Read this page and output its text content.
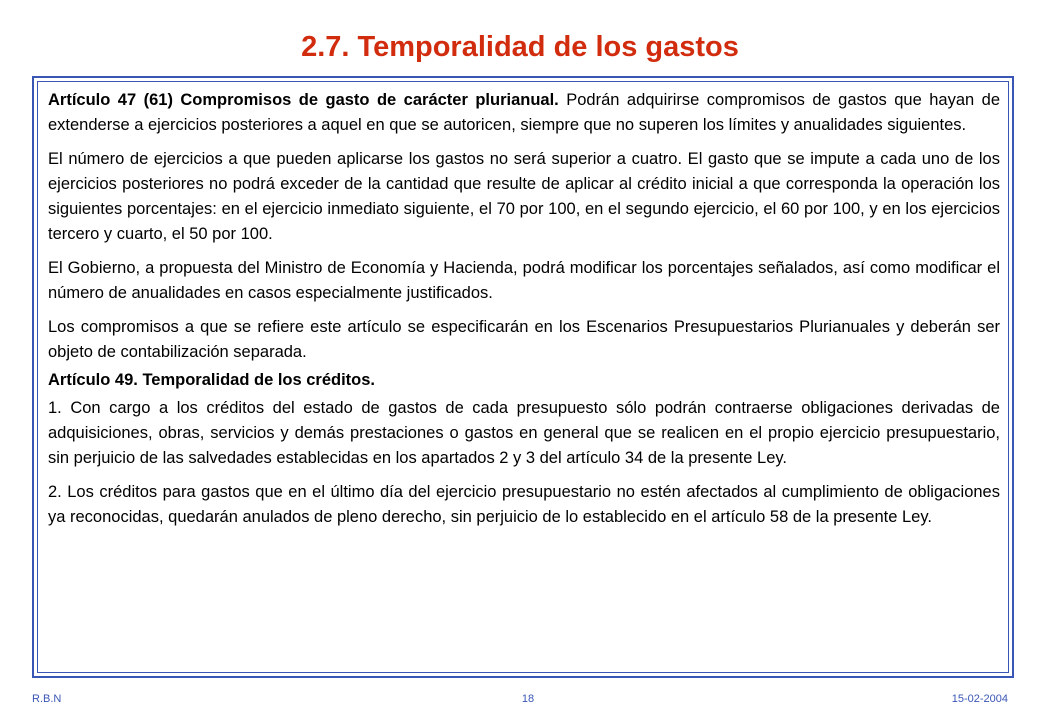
2.7. Temporalidad de los gastos

Artículo 47 (61) Compromisos de gasto de carácter plurianual. Podrán adquirirse compromisos de gastos que hayan de extenderse a ejercicios posteriores a aquel en que se autoricen, siempre que no superen los límites y anualidades siguientes.

El número de ejercicios a que pueden aplicarse los gastos no será superior a cuatro. El gasto que se impute a cada uno de los ejercicios posteriores no podrá exceder de la cantidad que resulte de aplicar al crédito inicial a que corresponda la operación los siguientes porcentajes: en el ejercicio inmediato siguiente, el 70 por 100, en el segundo ejercicio, el 60 por 100, y en los ejercicios tercero y cuarto, el 50 por 100.

El Gobierno, a propuesta del Ministro de Economía y Hacienda, podrá modificar los porcentajes señalados, así como modificar el número de anualidades en casos especialmente justificados.

Los compromisos a que se refiere este artículo se especificarán en los Escenarios Presupuestarios Plurianuales y deberán ser objeto de contabilización separada.

Artículo 49. Temporalidad de los créditos.

1. Con cargo a los créditos del estado de gastos de cada presupuesto sólo podrán contraerse obligaciones derivadas de adquisiciones, obras, servicios y demás prestaciones o gastos en general que se realicen en el propio ejercicio presupuestario, sin perjuicio de las salvedades establecidas en los apartados 2 y 3 del artículo 34 de la presente Ley.

2. Los créditos para gastos que en el último día del ejercicio presupuestario no estén afectados al cumplimiento de obligaciones ya reconocidas, quedarán anulados de pleno derecho, sin perjuicio de lo establecido en el artículo 58 de la presente Ley.

R.B.N	18	15-02-2004
